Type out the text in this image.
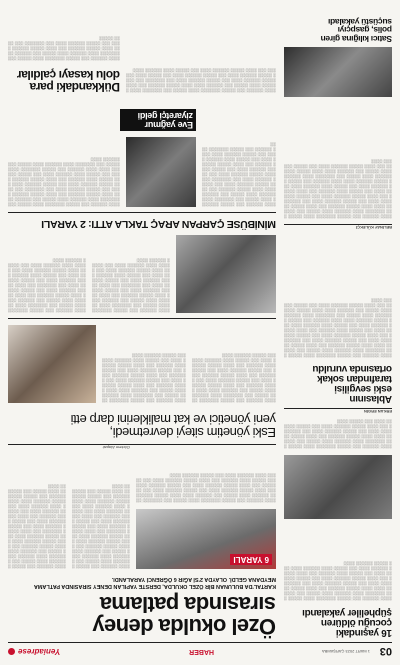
03
1 MART 2023 ÇARŞAMBA
HABER
Yeniadrese
16 yaşındaki
çocuğu öldüren
şüpheliler yakalandı
░░░░ ░░░░░░ ░░░ ░░░░░ ░░░░░░░ ░░░░ ░░░░░ ░░░ ░░░░░░░ ░░░░ ░░░░░░ ░░░░ ░░░░░ ░░░ ░░░░░░ ░░░░ ░░░░ ░░░░░ ░░░░░░ ░░░ ░░░░ ░░░░░ ░░░░░░ ░░░░ ░░░ ░░░░░ ░░░░░░ ░░░░ ░░░ ░░░░░░░ ░░░ ░░░░ ░░░░░ ░░░░░░ ░░░░ ░░░ ░░░░░ ░░░░░░ ░░░░ ░░░ ░░░░░ ░░░░ ░░░░░░ ░░░ ░░░░ ░░░░░ ░░░░░░ ░░░░ ░░░ ░░░░░ ░░░░ ░░░░░░ ░░░░ ░░░ ░░░░░ ░░░░░░ ░░░░
░░░░ ░░░░░░ ░░░ ░░░░░ ░░░░░░░ ░░░░ ░░░░░ ░░░ ░░░░░░░ ░░░░ ░░░░░░ ░░░░ ░░░░░ ░░░ ░░░░░░ ░░░░ ░░░░ ░░░░░ ░░░░░░ ░░░ ░░░░ ░░░░░ ░░░░░░ ░░░░ ░░░ ░░░░░ ░░░░░░ ░░░░ ░░░ ░░░░░░░ ░░░ ░░░░ ░░░░░ ░░░░░░ ░░░░ ░░░ ░░░░░ ░░░░░░ ░░░░ ░░░ ░░░░░ ░░░░
Özel okulda deney
sırasında patlama
KARTAL'DA BULUNAN BİR ÖZEL OKULDA, DERSTE YAPILAN DENEY SIRASINDA PATLAMA MEYDANA GELDİ. OLAYDA 2'Sİ AĞIR 6 ÖĞRENCİ YARALANDI.
6 YARALI
░░░░ ░░░░░░ ░░░ ░░░░░ ░░░░░░░ ░░░░ ░░░░░ ░░░ ░░░░░░░ ░░░░ ░░░░░░ ░░░░ ░░░░░ ░░░ ░░░░░░ ░░░░ ░░░░ ░░░░░ ░░░░░░ ░░░ ░░░░ ░░░░░ ░░░░░░ ░░░░ ░░░ ░░░░░ ░░░░░░ ░░░░ ░░░ ░░░░░░░ ░░░ ░░░░ ░░░░░ ░░░░░░ ░░░░ ░░░ ░░░░░ ░░░░░░ ░░░░ ░░░ ░░░░░ ░░░░ ░░░░░░ ░░░ ░░░░ ░░░░░ ░░░░░░ ░░░░ ░░░ ░░░░░ ░░░░ ░░░░░░ ░░░░ ░░░ ░░░░░ ░░░░░░ ░░░░ ░░░░ ░░░░░░ ░░░ ░░░░░ ░░░░░░░ ░░░░ ░░░░░ ░░░ ░░░░░░░ ░░░░
░░░░ ░░░░░░ ░░░ ░░░░░ ░░░░░░░ ░░░░ ░░░░░ ░░░ ░░░░░░░ ░░░░ ░░░░░░ ░░░░ ░░░░░ ░░░ ░░░░░░ ░░░░ ░░░░ ░░░░░ ░░░░░░ ░░░ ░░░░ ░░░░░ ░░░░░░ ░░░░ ░░░ ░░░░░ ░░░░░░ ░░░░ ░░░ ░░░░░░░ ░░░ ░░░░ ░░░░░ ░░░░░░ ░░░░ ░░░ ░░░░░ ░░░░░░ ░░░░ ░░░ ░░░░░ ░░░░ ░░░░░░ ░░░ ░░░░ ░░░░░ ░░░░░░ ░░░░ ░░░ ░░░░░ ░░░░ ░░░░░░ ░░░░ ░░░ ░░░░░ ░░░░░░ ░░░░ ░░░░ ░░░░░░ ░░░ ░░░░░ ░░░░░░░ ░░░░ ░░░░░ ░░░ ░░░░░░░ ░░░░
░░░░ ░░░░░░ ░░░ ░░░░░ ░░░░░░░ ░░░░ ░░░░░ ░░░ ░░░░░░░ ░░░░ ░░░░░░ ░░░░ ░░░░░ ░░░ ░░░░░░ ░░░░ ░░░░ ░░░░░ ░░░░░░ ░░░ ░░░░ ░░░░░ ░░░░░░ ░░░░ ░░░ ░░░░░ ░░░░░░ ░░░░ ░░░ ░░░░░░░ ░░░ ░░░░ ░░░░░ ░░░░░░ ░░░░ ░░░ ░░░░░ ░░░░░░ ░░░░ ░░░ ░░░░░ ░░░░ ░░░░░░ ░░░ ░░░░ ░░░░░ ░░░░░░ ░░░░ ░░░ ░░░░░ ░░░░ ░░░░░░ ░░░░ ░░░ ░░░░░ ░░░░░░ ░░░░
Eski yönetim siteyi devretmedi,
yeni yönetici ve kat maliklerini darp etti
░░░░ ░░░░░░ ░░░ ░░░░░ ░░░░░░░ ░░░░ ░░░░░ ░░░ ░░░░░░░ ░░░░ ░░░░░░ ░░░░ ░░░░░ ░░░ ░░░░░░ ░░░░ ░░░░ ░░░░░ ░░░░░░ ░░░ ░░░░ ░░░░░ ░░░░░░ ░░░░ ░░░ ░░░░░ ░░░░░░ ░░░░ ░░░ ░░░░░░░ ░░░ ░░░░ ░░░░░ ░░░░░░ ░░░░ ░░░ ░░░░░ ░░░░░░ ░░░░ ░░░ ░░░░░ ░░░░ ░░░░░░ ░░░ ░░░░ ░░░░░ ░░░░░░ ░░░░ ░░░ ░░░░░ ░░░░ ░░░░░░ ░░░░ ░░░ ░░░░░ ░░░░░░ ░░░░
░░░░ ░░░░░░ ░░░ ░░░░░ ░░░░░░░ ░░░░ ░░░░░ ░░░ ░░░░░░░ ░░░░ ░░░░░░ ░░░░ ░░░░░ ░░░ ░░░░░░ ░░░░ ░░░░ ░░░░░ ░░░░░░ ░░░ ░░░░ ░░░░░ ░░░░░░ ░░░░ ░░░ ░░░░░ ░░░░░░ ░░░░ ░░░ ░░░░░░░ ░░░ ░░░░ ░░░░░ ░░░░░░ ░░░░ ░░░ ░░░░░ ░░░░░░ ░░░░ ░░░ ░░░░░ ░░░░ ░░░░░░ ░░░ ░░░░ ░░░░░ ░░░░░░ ░░░░ ░░░ ░░░░░ ░░░░ ░░░░░░ ░░░░ ░░░ ░░░░░ ░░░░░░ ░░░░
Ablasının
eski sevgilisi
tarafından sokak
ortasında vuruldu
░░░░ ░░░░░░ ░░░ ░░░░░ ░░░░░░░ ░░░░ ░░░░░ ░░░ ░░░░░░░ ░░░░ ░░░░░░ ░░░░ ░░░░░ ░░░ ░░░░░░ ░░░░ ░░░░ ░░░░░ ░░░░░░ ░░░ ░░░░ ░░░░░ ░░░░░░ ░░░░ ░░░ ░░░░░ ░░░░░░ ░░░░ ░░░ ░░░░░░░ ░░░ ░░░░ ░░░░░ ░░░░░░ ░░░░ ░░░ ░░░░░ ░░░░░░ ░░░░ ░░░ ░░░░░ ░░░░ ░░░░░░ ░░░ ░░░░ ░░░░░ ░░░░░░ ░░░░ ░░░ ░░░░░ ░░░░ ░░░░░░ ░░░░ ░░░ ░░░░░ ░░░░░░ ░░░░ ░░░░ ░░░░░░ ░░░ ░░░░░ ░░░░░░░ ░░░░ ░░░░░ ░░░ ░░░░░░░ ░░░░ ░░░░░░ ░░░░ ░░░░░ ░░░ ░░░░░░ ░░░░ ░░░░ ░░░░░ ░░░░░░ ░░░ ░░░░ ░░░░░ ░░░░░░ ░░░░ ░░░ ░░░░░ ░░░░░░ ░░░░
░░░░ ░░░░░░ ░░░ ░░░░░ ░░░░░░░ ░░░░ ░░░░░ ░░░ ░░░░░░░ ░░░░ ░░░░░░ ░░░░ ░░░░░ ░░░ ░░░░░░ ░░░░ ░░░░ ░░░░░ ░░░░░░ ░░░ ░░░░ ░░░░░ ░░░░░░ ░░░░ ░░░ ░░░░░ ░░░░░░ ░░░░ ░░░ ░░░░░░░ ░░░ ░░░░ ░░░░░ ░░░░░░ ░░░░ ░░░ ░░░░░ ░░░░░░ ░░░░ ░░░ ░░░░░ ░░░░ ░░░░░░ ░░░ ░░░░ ░░░░░ ░░░░░░ ░░░░ ░░░ ░░░░░ ░░░░ ░░░░░░ ░░░░ ░░░ ░░░░░ ░░░░░░ ░░░░
░░░░ ░░░░░░ ░░░ ░░░░░ ░░░░░░░ ░░░░ ░░░░░ ░░░ ░░░░░░░ ░░░░ ░░░░░░ ░░░░ ░░░░░ ░░░ ░░░░░░ ░░░░ ░░░░ ░░░░░ ░░░░░░ ░░░ ░░░░ ░░░░░ ░░░░░░ ░░░░ ░░░ ░░░░░ ░░░░░░ ░░░░ ░░░ ░░░░░░░ ░░░ ░░░░ ░░░░░ ░░░░░░ ░░░░ ░░░ ░░░░░ ░░░░░░ ░░░░ ░░░ ░░░░░ ░░░░ ░░░░░░ ░░░ ░░░░ ░░░░░ ░░░░░░ ░░░░ ░░░ ░░░░░ ░░░░ ░░░░░░ ░░░░ ░░░ ░░░░░ ░░░░░░ ░░░░
MİNİBÜSE ÇARPAN ARAÇ TAKLA ATTI: 2 YARALI
░░░░ ░░░░░░ ░░░ ░░░░░ ░░░░░░░ ░░░░ ░░░░░ ░░░ ░░░░░░░ ░░░░ ░░░░░░ ░░░░ ░░░░░ ░░░ ░░░░░░ ░░░░ ░░░░ ░░░░░ ░░░░░░ ░░░ ░░░░ ░░░░░ ░░░░░░ ░░░░ ░░░ ░░░░░ ░░░░░░ ░░░░ ░░░ ░░░░░░░ ░░░ ░░░░ ░░░░░ ░░░░░░ ░░░░ ░░░ ░░░░░ ░░░░░░ ░░░░ ░░░ ░░░░░ ░░░░ ░░░░░░ ░░░ ░░░░ ░░░░░ ░░░░░░ ░░░░ ░░░ ░░░░░ ░░░░ ░░░░░░ ░░░░ ░░░ ░░░░░ ░░░░░░ ░░░░ ░░░░ ░░░░░░ ░░░ ░░░░░ ░░░░░░░ ░░░░ ░░░░░ ░░░ ░░░░░░░ ░░░░ ░░░░░░ ░░░░ ░░░░░ ░░░ ░░░░░░ ░░░░ ░░░░ ░░░░░ ░░░░░░ ░░░ ░░░░ ░░░░░ ░░░░░░ ░░░░ ░░░ ░░░░░ ░░░░░░ ░░░░
Satıcı kılığına giren
polis, gaspçıyı
suçüstü yakaladı
░░░░ ░░░░░░ ░░░ ░░░░░ ░░░░░░░ ░░░░ ░░░░░ ░░░ ░░░░░░░ ░░░░ ░░░░░░ ░░░░ ░░░░░ ░░░ ░░░░░░ ░░░░ ░░░░ ░░░░░ ░░░░░░ ░░░ ░░░░ ░░░░░ ░░░░░░ ░░░░ ░░░ ░░░░░ ░░░░░░ ░░░░ ░░░ ░░░░░░░ ░░░ ░░░░ ░░░░░ ░░░░░░ ░░░░ ░░░ ░░░░░ ░░░░░░ ░░░░ ░░░ ░░░░░ ░░░░ ░░░░░░ ░░░ ░░░░ ░░░░░ ░░░░░░ ░░░░ ░░░ ░░░░░ ░░░░ ░░░░░░ ░░░░ ░░░ ░░░░░ ░░░░░░ ░░░░ ░░░░ ░░░░░░ ░░░ ░░░░░ ░░░░░░░ ░░░░
Eve yağmur
ziyaretçi geldi
░░░░ ░░░░░░ ░░░ ░░░░░ ░░░░░░░ ░░░░ ░░░░░ ░░░ ░░░░░░░ ░░░░ ░░░░░░ ░░░░ ░░░░░ ░░░ ░░░░░░ ░░░░ ░░░░ ░░░░░ ░░░░░░ ░░░ ░░░░ ░░░░░ ░░░░░░ ░░░░ ░░░ ░░░░░ ░░░░░░ ░░░░ ░░░ ░░░░░░░ ░░░ ░░░░ ░░░░░ ░░░░░░ ░░░░ ░░░ ░░░░░ ░░░░░░ ░░░░ ░░░ ░░░░░ ░░░░ ░░░░░░ ░░░ ░░░░ ░░░░░ ░░░░░░ ░░░░ ░░░ ░░░░░ ░░░░ ░░░░░░ ░░░░ ░░░ ░░░░░ ░░░░░░ ░░░░ ░░░░ ░░░░░░ ░░░ ░░░░░ ░░░░░░░ ░░░░ ░░░░░ ░░░ ░░░░░░░ ░░░░ ░░░░░░ ░░░░ ░░░░░ ░░░ ░░░░░░ ░░░░
Dükkandaki para
dolu kasayı çaldılar
░░░░ ░░░░░░ ░░░ ░░░░░ ░░░░░░░ ░░░░ ░░░░░ ░░░ ░░░░░░░ ░░░░ ░░░░░░ ░░░░ ░░░░░ ░░░ ░░░░░░ ░░░░ ░░░░ ░░░░░ ░░░░░░ ░░░ ░░░░ ░░░░░ ░░░░░░ ░░░░ ░░░ ░░░░░ ░░░░░░ ░░░░ ░░░ ░░░░░░░ ░░░ ░░░░ ░░░░░ ░░░░░░ ░░░░ ░░░ ░░░░░ ░░░░░░ ░░░░ ░░░ ░░░░░ ░░░░ ░░░░░░ ░░░ ░░░░ ░░░░░ ░░░░░░ ░░░░ ░░░ ░░░░░ ░░░░ ░░░░░░ ░░░░
░░░░ ░░░░░░ ░░░ ░░░░░ ░░░░░░░ ░░░░ ░░░░░ ░░░ ░░░░░░░ ░░░░ ░░░░░░ ░░░░ ░░░░░ ░░░ ░░░░░░ ░░░░ ░░░░ ░░░░░ ░░░░░░ ░░░ ░░░░ ░░░░░ ░░░░░░ ░░░░ ░░░ ░░░░░ ░░░░░░ ░░░░ ░░░ ░░░░░░░ ░░░ ░░░░ ░░░░░
ERKAN ERGİN
Görkem Alapalı
BELİNAY KÜLEKÇİ
